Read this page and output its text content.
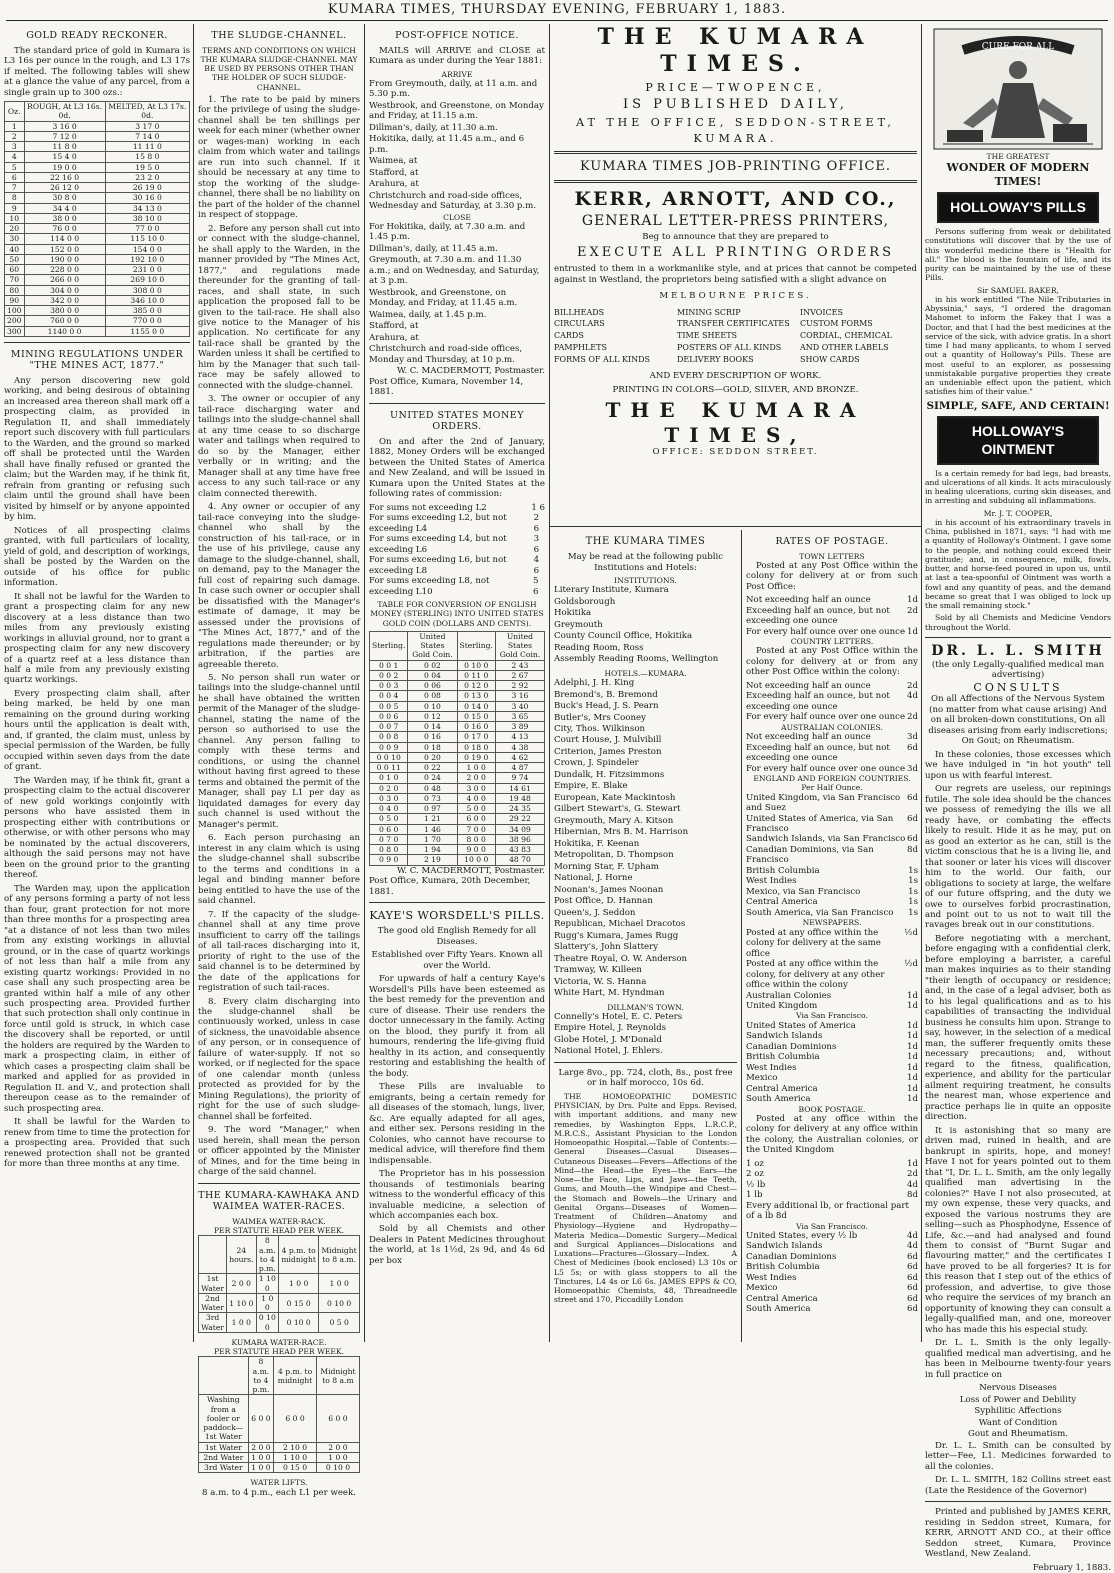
KUMARA TIMES, THURSDAY EVENING, FEBRUARY 1, 1883.
GOLD READY RECKONER.

The standard price of gold in Kumara is L3 16s per ounce in the rough, and L3 17s if melted. The following tables will shew at a glance the value of any parcel, from a single grain up to 300 ozs.:

Oz.	ROUGH, At L3 16s. 0d.	MELTED, At L3 17s. 0d.
1	3 16 0	3 17 0
2	7 12 0	7 14 0
3	11 8 0	11 11 0
4	15 4 0	15 8 0
5	19 0 0	19 5 0
6	22 16 0	23 2 0
7	26 12 0	26 19 0
8	30 8 0	30 16 0
9	34 4 0	34 13 0
10	38 0 0	38 10 0
20	76 0 0	77 0 0
30	114 0 0	115 10 0
40	152 0 0	154 0 0
50	190 0 0	192 10 0
60	228 0 0	231 0 0
70	266 0 0	269 10 0
80	304 0 0	308 0 0
90	342 0 0	346 10 0
100	380 0 0	385 0 0
200	760 0 0	770 0 0
300	1140 0 0	1155 0 0
MINING REGULATIONS UNDER "THE MINES ACT, 1877."

Any person discovering new gold working, and being desirous of obtaining an increased area thereon shall mark off a prospecting claim, as provided in Regulation II, and shall immediately report such discovery with full particulars to the Warden, and the ground so marked off shall be protected until the Warden shall have finally refused or granted the claim; but the Warden may, if he think fit, refrain from granting or refusing such claim until the ground shall have been visited by himself or by anyone appointed by him.

Notices of all prospecting claims granted, with full particulars of locality, yield of gold, and description of workings, shall be posted by the Warden on the outside of his office for public information.

It shall not be lawful for the Warden to grant a prospecting claim for any new discovery at a less distance than two miles from any previously existing workings in alluvial ground, nor to grant a prospecting claim for any new discovery of a quartz reef at a less distance than half a mile from any previously existing quartz workings.

Every prospecting claim shall, after being marked, be held by one man remaining on the ground during working hours until the application is dealt with, and, if granted, the claim must, unless by special permission of the Warden, be fully occupied within seven days from the date of grant.

The Warden may, if he think fit, grant a prospecting claim to the actual discoverer of new gold workings conjointly with persons who have assisted them in prospecting either with contributions or otherwise, or with other persons who may be nominated by the actual discoverers, although the said persons may not have been on the ground prior to the granting thereof.

The Warden may, upon the application of any persons forming a party of not less than four, grant protection for not more than three months for a prospecting area "at a distance of not less than two miles from any existing workings in alluvial ground, or in the case of quartz workings of not less than half a mile from any existing quartz workings: Provided in no case shall any such prospecting area be granted within half a mile of any other such prospecting area. Provided further that such protection shall only continue in force until gold is struck, in which case the discovery shall be reported, or until the holders are required by the Warden to mark a prospecting claim, in either of which cases a prospecting claim shall be marked and applied for as provided in Regulation II. and V., and protection shall thereupon cease as to the remainder of such prospecting area.

It shall be lawful for the Warden to renew from time to time the protection for a prospecting area. Provided that such renewed protection shall not be granted for more than three months at any time.

THE SLUDGE-CHANNEL.

TERMS AND CONDITIONS ON WHICH THE KUMARA SLUDGE-CHANNEL MAY BE USED BY PERSONS OTHER THAN THE HOLDER OF SUCH SLUDGE-CHANNEL.

1. The rate to be paid by miners for the privilege of using the sludge-channel shall be ten shillings per week for each miner (whether owner or wages-man) working in each claim from which water and tailings are run into such channel. If it should be necessary at any time to stop the working of the sludge-channel, there shall be no liability on the part of the holder of the channel in respect of stoppage.

2. Before any person shall cut into or connect with the sludge-channel, he shall apply to the Warden, in the manner provided by "The Mines Act, 1877," and regulations made thereunder for the granting of tail-races, and shall state, in such application the proposed fall to be given to the tail-race. He shall also give notice to the Manager of his application. No certificate for any tail-race shall be granted by the Warden unless it shall be certified to him by the Manager that such tail-race may be safely allowed to connected with the sludge-channel.

3. The owner or occupier of any tail-race discharging water and tailings into the sludge-channel shall at any time cease to so discharge water and tailings when required to do so by the Manager, either verbally or in writing; and the Manager shall at any time have free access to any such tail-race or any claim connected therewith.

4. Any owner or occupier of any tail-race conveying into the sludge-channel who shall by the construction of his tail-race, or in the use of his privilege, cause any damage to the sludge-channel, shall, on demand, pay to the Manager the full cost of repairing such damage. In case such owner or occupier shall be dissatisfied with the Manager's estimate of damage, it may be assessed under the provisions of "The Mines Act, 1877," and of the regulations made thereunder; or by arbitration, if the parties are agreeable thereto.

5. No person shall run water or tailings into the sludge-channel until he shall have obtained the written permit of the Manager of the sludge-channel, stating the name of the person so authorised to use the channel. Any person failing to comply with these terms and conditions, or using the channel without having first agreed to these terms and obtained the permit of the Manager, shall pay L1 per day as liquidated damages for every day such channel is used without the Manager's permit.

6. Each person purchasing an interest in any claim which is using the sludge-channel shall subscribe to the terms and conditions in a legal and binding manner before being entitled to have the use of the said channel.

7. If the capacity of the sludge-channel shall at any time prove insufficient to carry off the tailings of all tail-races discharging into it, priority of right to the use of the said channel is to be determined by the date of the applications for registration of such tail-races.

8. Every claim discharging into the sludge-channel shall be continuously worked, unless in case of sickness, the unavoidable absence of any person, or in consequence of failure of water-supply. If not so worked, or if neglected for the space of one calendar month (unless protected as provided for by the Mining Regulations), the priority of right for the use of such sludge-channel shall be forfeited.

9. The word "Manager," when used herein, shall mean the person or officer appointed by the Minister of Mines, and for the time being in charge of the said channel.

THE KUMARA-KAWHAKA AND WAIMEA WATER-RACES.
WAIMEA WATER-RACK.
PER STATUTE HEAD PER WEEK.
	24 hours.	8 a.m. to 4 p.m.	4 p.m. to midnight	Midnight to 8 a.m.
1st Water	2 0 0	1 10 0	1 0 0	1 0 0
2nd Water	1 10 0	1 0 0	0 15 0	0 10 0
3rd Water	1 0 0	0 10 0	0 10 0	0 5 0
KUMARA WATER-RACE.
PER STATUTE HEAD PER WEEK.
	8 a.m. to 4 p.m.	4 p.m. to midnight	Midnight to 8 a.m
Washing from a fooler or paddock—1st Water	6 0 0	6 0 0	6 0 0
1st Water	2 0 0	2 10 0	2 0 0
2nd Water	1 0 0	1 10 0	1 0 0
3rd Water	1 0 0	0 15 0	0 10 0
WATER LIFTS.
8 a.m. to 4 p.m., each L1 per week.
POST-OFFICE NOTICE.

MAILS will ARRIVE and CLOSE at Kumara as under during the Year 1881:

ARRIVE
From Greymouth, daily, at 11 a.m. and 5.30 p.m.
Westbrook, and Greenstone, on Monday and Friday, at 11.15 a.m.
Dillman's, daily, at 11.30 a.m.
Hokitika, daily, at 11.45 a.m., and 6 p.m.
Waimea, at
Stafford, at
Arahura, at
Christchurch and road-side offices, Wednesday and Saturday, at 3.30 p.m.
CLOSE
For Hokitika, daily, at 7.30 a.m. and 1.45 p.m.
Dillman's, daily, at 11.45 a.m.
Greymouth, at 7.30 a.m. and 11.30 a.m.; and on Wednesday, and Saturday, at 3 p.m.
Westbrook, and Greenstone, on Monday, and Friday, at 11.45 a.m.
Waimea, daily, at 1.45 p.m.
Stafford, at
Arahura, at
Christchurch and road-side offices, Monday and Thursday, at 10 p.m.
W. C. MACDERMOTT, Postmaster.
Post Office, Kumara, November 14, 1881.
UNITED STATES MONEY ORDERS.

On and after the 2nd of January, 1882, Money Orders will be exchanged between the United States of America and New Zealand, and will be issued in Kumara upon the United States at the following rates of commission:

For sums not exceeding L2	1 6
For sums exceeding L2, but not exceeding L4
2 6
For sums exceeding L4, but not exceeding L6
3 6
For sums exceeding L6, but not exceeding L8
4 6
For sums exceeding L8, not exceeding L10
5 6

TABLE FOR CONVERSION OF ENGLISH MONEY (STERLING) INTO UNITED STATES GOLD COIN (DOLLARS AND CENTS).

Sterling.	United States Gold Coin.	Sterling.	United States Gold Coin.
0 0 1	0 02	0 10 0	2 43
0 0 2	0 04	0 11 0	2 67
0 0 3	0 06	0 12 0	2 92
0 0 4	0 08	0 13 0	3 16
0 0 5	0 10	0 14 0	3 40
0 0 6	0 12	0 15 0	3 65
0 0 7	0 14	0 16 0	3 89
0 0 8	0 16	0 17 0	4 13
0 0 9	0 18	0 18 0	4 38
0 0 10	0 20	0 19 0	4 62
0 0 11	0 22	1 0 0	4 87
0 1 0	0 24	2 0 0	9 74
0 2 0	0 48	3 0 0	14 61
0 3 0	0 73	4 0 0	19 48
0 4 0	0 97	5 0 0	24 35
0 5 0	1 21	6 0 0	29 22
0 6 0	1 46	7 0 0	34 09
0 7 0	1 70	8 0 0	38 96
0 8 0	1 94	9 0 0	43 83
0 9 0	2 19	10 0 0	48 70
W. C. MACDERMOTT, Postmaster.
Post Office, Kumara, 20th December, 1881.
KAYE'S WORSDELL'S PILLS.
The good old English Remedy for all Diseases.
Established over Fifty Years. Known all over the World.

For upwards of half a century Kaye's Worsdell's Pills have been esteemed as the best remedy for the prevention and cure of disease. Their use renders the doctor unnecessary in the family. Acting on the blood, they purify it from all humours, rendering the life-giving fluid healthy in its action, and consequently restoring and establishing the health of the body.

These Pills are invaluable to emigrants, being a certain remedy for all diseases of the stomach, lungs, liver, &c. Are equally adapted for all ages, and either sex. Persons residing in the Colonies, who cannot have recourse to medical advice, will therefore find them indispensable.

The Proprietor has in his possession thousands of testimonials bearing witness to the wonderful efficacy of this invaluable medicine, a selection of which accompanies each box.

Sold by all Chemists and other Dealers in Patent Medicines throughout the world, at 1s 1½d, 2s 9d, and 4s 6d per box

THE KUMARA TIMES.
PRICE—TWOPENCE,
IS PUBLISHED DAILY,
AT THE OFFICE, SEDDON-STREET,
KUMARA.
KUMARA TIMES JOB-PRINTING OFFICE.
KERR, ARNOTT, AND CO.,
GENERAL LETTER-PRESS PRINTERS,
Beg to announce that they are prepared to
EXECUTE ALL PRINTING ORDERS

entrusted to them in a workmanlike style, and at prices that cannot be competed against in Westland, the proprietors being satisfied with a slight advance on

MELBOURNE PRICES.
BILLHEADS	MINING SCRIP	INVOICES
CIRCULARS	TRANSFER CERTIFICATES	CUSTOM FORMS
CARDS	TIME SHEETS	CORDIAL, CHEMICAL
PAMPHLETS	POSTERS OF ALL KINDS	AND OTHER LABELS
FORMS OF ALL KINDS	DELIVERY BOOKS	SHOW CARDS
AND EVERY DESCRIPTION OF WORK.
PRINTING IN COLORS—GOLD, SILVER, AND BRONZE.
THE KUMARA TIMES,
OFFICE: SEDDON STREET.
THE KUMARA TIMES

May be read at the following public Institutions and Hotels:

INSTITUTIONS.
Literary Institute, Kumara
Goldsborough
Hokitika
Greymouth
County Council Office, Hokitika
Reading Room, Ross
Assembly Reading Rooms, Wellington
HOTELS.—KUMARA.
Adelphi, J. H. King
Bremond's, B. Bremond
Buck's Head, J. S. Pearn
Butler's, Mrs Cooney
City, Thos. Wilkinson
Court House, J. Mulvibill
Criterion, James Preston
Crown, J. Spindeler
Dundalk, H. Fitzsimmons
Empire, E. Blake
European, Kate Mackintosh
Gilbert Stewart's, G. Stewart
Greymouth, Mary A. Kitson
Hibernian, Mrs B. M. Harrison
Hokitika, F. Keenan
Metropolitan, D. Thompson
Morning Star, F. Upham
National, J. Horne
Noonan's, James Noonan
Post Office, D. Hannan
Queen's, J. Seddon
Republican, Michael Dracotos
Rugg's Kumara, James Rugg
Slattery's, John Slattery
Theatre Royal, O. W. Anderson
Tramway, W. Killeen
Victoria, W. S. Hanna
White Hart, M. Hyndman
DILLMAN'S TOWN.
Connelly's Hotel, E. C. Peters
Empire Hotel, J. Reynolds
Globe Hotel, J. M'Donald
National Hotel, J. Ehlers.

Large 8vo., pp. 724, cloth, 8s., post free or in half morocco, 10s 6d.

THE HOMOEOPATHIC DOMESTIC PHYSICIAN, by Drs. Pulte and Epps. Revised, with important additions, and many new remedies, by Washington Epps, L.R.C.P., M.R.C.S., Assistant Physician to the London Homoeopathic Hospital.—Table of Contents:—General Diseases—Casual Diseases—Cutaneous Diseases—Fevers—Affections of the Mind—the Head—the Eyes—the Ears—the Nose—the Face, Lips, and Jaws—the Teeth, Gums, and Mouth—the Windpipe and Chest—the Stomach and Bowels—the Urinary and Genital Organs—Diseases of Women—Treatment of Children—Anatomy and Physiology—Hygiene and Hydropathy—Materia Medica—Domestic Surgery—Medical and Surgical Appliances—Dislocations and Luxations—Fractures—Glossary—Index. A Chest of Medicines (book enclosed) L3 10s or L5 5s; or with glass stoppers to all the Tinctures, L4 4s or L6 6s. JAMES EPPS & CO, Homoeopathic Chemists, 48, Threadneedle street and 170, Piccadilly London

RATES OF POSTAGE.
TOWN LETTERS

Posted at any Post Office within the colony for delivery at or from such Post Office:

Not exceeding half an ounce	1d
Exceeding half an ounce, but not exceeding one ounce
2d
For every half ounce over one ounce 1d
COUNTRY LETTERS.

Posted at any Post Office within the colony for delivery at or from any other Post Office within the colony:

Not exceeding half an ounce	2d
Exceeding half an ounce, but not exceeding one ounce
4d
For every half ounce over one ounce 2d
AUSTRALIAN COLONIES.
Not exceeding half an ounce	3d
Exceeding half an ounce, but not exceeding one ounce
6d
For every half ounce over one ounce 3d
ENGLAND AND FOREIGN COUNTRIES. Per Half Ounce.
United Kingdom, via San Francisco and Suez
6d
United States of America, via San Francisco
6d
Sandwich Islands, via San Francisco 6d
Canadian Dominions, via San Francisco
8d
British Columbia	1s
West Indies	1s
Mexico, via San Francisco	1s
Central America	1s
South America, via San Francisco 1s
NEWSPAPERS.
Posted at any office within the colony for delivery at the same office
½d
Posted at any office within the colony, for delivery at any other office within the colony
½d
Australian Colonies	1d
United Kingdom	1d
Via San Francisco.
United States of America	1d
Sandwich Islands	1d
Canadian Dominions	1d
British Columbia	1d
West Indies	1d
Mexico	1d
Central America	1d
South America	1d
BOOK POSTAGE.

Posted at any office within the colony for delivery at any office within the colony, the Australian colonies, or the United Kingdom

1 oz	1d
2 oz	2d
½ lb	4d
1 lb	8d
Every additional lb, or fractional part of a lb 8d
Via San Francisco.
United States, every ½ lb	4d
Sandwich Islands	4d
Canadian Dominions	6d
British Columbia	6d
West Indies	6d
Mexico	6d
Central America	6d
South America	6d
CURE FOR ALL
THE GREATEST
WONDER OF MODERN TIMES!
HOLLOWAY'S PILLS

Persons suffering from weak or debilitated constitutions will discover that by the use of this wonderful medicine there is "Health for all." The blood is the fountain of life, and its purity can be maintained by the use of these Pills.

Sir SAMUEL BAKER,

in his work entitled "The Nile Tributaries in Abyssinia," says, "I ordered the dragoman Mahomet to inform the Fakey that I was a Doctor, and that I had the best medicines at the service of the sick, with advice gratis. In a short time I had many applicants, to whom I served out a quantity of Holloway's Pills. These are most useful to an explorer, as possessing unmistakable purgative properties they create an undeniable effect upon the patient, which satisfies him of their value."

SIMPLE, SAFE, AND CERTAIN!
HOLLOWAY'S OINTMENT

Is a certain remedy for bad legs, bad breasts, and ulcerations of all kinds. It acts miraculously in healing ulcerations, curing skin diseases, and in arresting and subduing all inflammations.

Mr. J. T. COOPER,

in his account of his extraordinary travels in China, published in 1871, says: "I had with me a quantity of Holloway's Ointment. I gave some to the people, and nothing could exceed their gratitude; and, in consequence, milk, fowls, butter, and horse-feed poured in upon us, until at last a tea-spoonful of Ointment was worth a fowl and any quantity of peas, and the demand became so great that I was obliged to lock up the small remaining stock."

Sold by all Chemists and Medicine Vendors throughout the World.

DR. L. L. SMITH
(the only Legally-qualified medical man advertising)
CONSULTS

On all Affections of the Nervous System (no matter from what cause arising) And on all broken-down constitutions, On all diseases arising from early indiscretions; On Gout; on Rheumatism.

In these colonies, those excesses which we have indulged in "in hot youth" tell upon us with fearful interest.

Our regrets are useless, our repinings futile. The sole idea should be the chances we possess of remedying the ills we all ready have, or combating the effects likely to result. Hide it as he may, put on as good an exterior as he can, still is the victim conscious that he is a living lie, and that sooner or later his vices will discover him to the world. Our faith, our obligations to society at large, the welfare of our future offspring, and the duty we owe to ourselves forbid procrastination, and point out to us not to wait till the ravages break out in our constitutions.

Before negotiating with a merchant, before engaging with a confidential clerk, before employing a barrister, a careful man makes inquiries as to their standing "their length of occupancy or residence; and, in the case of a legal adviser, both as to his legal qualifications and as to his capabilities of transacting the individual business he consults him upon. Strange to say, however, in the selection of a medical man, the sufferer frequently omits these necessary precautions; and, without regard to the fitness, qualification, experience, and ability for the particular ailment requiring treatment, he consults the nearest man, whose experience and practice perhaps lie in quite an opposite direction.

It is astonishing that so many are driven mad, ruined in health, and are bankrupt in spirits, hope, and money! Have I not for years pointed out to them that "I, Dr. L. L. Smith, am the only legally qualified man advertising in the colonies?" Have I not also prosecuted, at my own expense, these very quacks, and exposed the various nostrums they are selling—such as Phosphodyne, Essence of Life, &c.—and had analysed and found them to consist of "Burnt Sugar and flavouring matter," and the certificates I have proved to be all forgeries? It is for this reason that I step out of the ethics of profession, and advertise, to give those who require the services of my branch an opportunity of knowing they can consult a legally-qualified man, and one, moreover who has made this his especial study.

Dr. L. L. Smith is the only legally-qualified medical man advertising, and he has been in Melbourne twenty-four years in full practice on

Nervous Diseases
Loss of Power and Debility
Syphilitic Affections
Want of Condition
Gout and Rheumatism.

Dr. L. L. Smith can be consulted by letter—Fee, L1. Medicines forwarded to all the colonies.

Dr. L. L. SMITH, 182 Collins street east (Late the Residence of the Governor)

Printed and published by JAMES KERR, residing in Seddon street, Kumara, for KERR, ARNOTT AND CO., at their office Seddon street, Kumara, Province Westland, New Zealand.

February 1, 1883.
